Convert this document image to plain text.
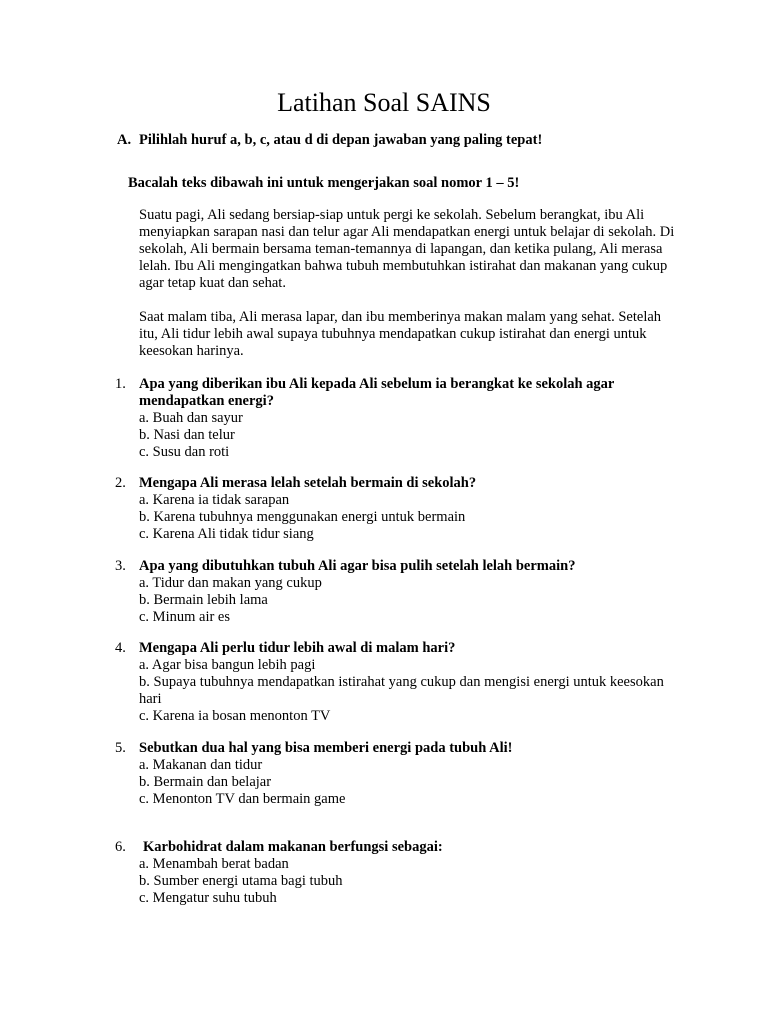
Latihan Soal SAINS
A. Pilihlah huruf a, b, c, atau d di depan jawaban yang paling tepat!
Bacalah teks dibawah ini untuk mengerjakan soal nomor 1 – 5!
Suatu pagi, Ali sedang bersiap-siap untuk pergi ke sekolah. Sebelum berangkat, ibu Ali menyiapkan sarapan nasi dan telur agar Ali mendapatkan energi untuk belajar di sekolah. Di sekolah, Ali bermain bersama teman-temannya di lapangan, dan ketika pulang, Ali merasa lelah. Ibu Ali mengingatkan bahwa tubuh membutuhkan istirahat dan makanan yang cukup agar tetap kuat dan sehat.
Saat malam tiba, Ali merasa lapar, dan ibu memberinya makan malam yang sehat. Setelah itu, Ali tidur lebih awal supaya tubuhnya mendapatkan cukup istirahat dan energi untuk keesokan harinya.
1. Apa yang diberikan ibu Ali kepada Ali sebelum ia berangkat ke sekolah agar mendapatkan energi?
a. Buah dan sayur
b. Nasi dan telur
c. Susu dan roti
2. Mengapa Ali merasa lelah setelah bermain di sekolah?
a. Karena ia tidak sarapan
b. Karena tubuhnya menggunakan energi untuk bermain
c. Karena Ali tidak tidur siang
3. Apa yang dibutuhkan tubuh Ali agar bisa pulih setelah lelah bermain?
a. Tidur dan makan yang cukup
b. Bermain lebih lama
c. Minum air es
4. Mengapa Ali perlu tidur lebih awal di malam hari?
a. Agar bisa bangun lebih pagi
b. Supaya tubuhnya mendapatkan istirahat yang cukup dan mengisi energi untuk keesokan hari
c. Karena ia bosan menonton TV
5. Sebutkan dua hal yang bisa memberi energi pada tubuh Ali!
a. Makanan dan tidur
b. Bermain dan belajar
c. Menonton TV dan bermain game
6.	Karbohidrat dalam makanan berfungsi sebagai:
a. Menambah berat badan
b. Sumber energi utama bagi tubuh
c. Mengatur suhu tubuh
